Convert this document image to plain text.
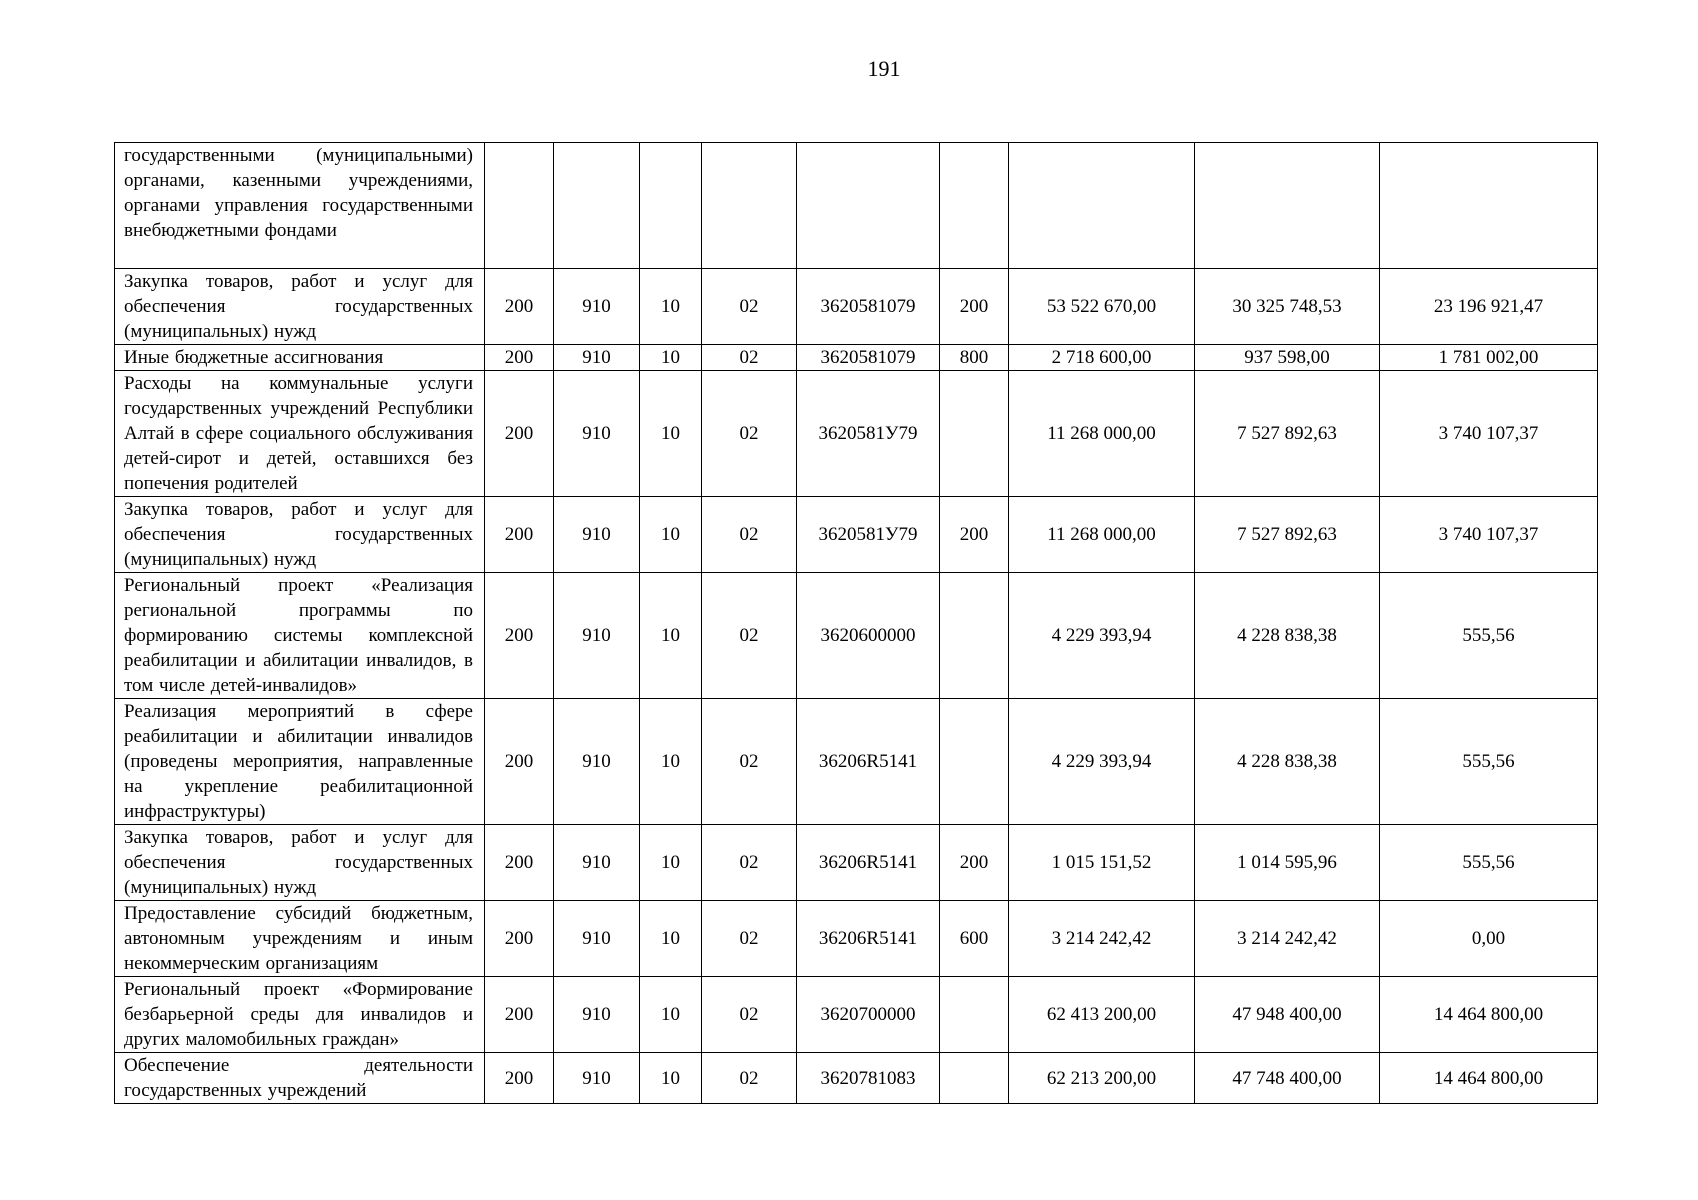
191
государственными (муниципальными) органами, казенными учреждениями, органами управления государственными внебюджетными фондами									
Закупка товаров, работ и услуг для обеспечения государственных (муниципальных) нужд	200	910	10	02	3620581079	200	53 522 670,00	30 325 748,53	23 196 921,47
Иные бюджетные ассигнования	200	910	10	02	3620581079	800	2 718 600,00	937 598,00	1 781 002,00
Расходы на коммунальные услуги государственных учреждений Республики Алтай в сфере социального обслуживания детей-сирот и детей, оставшихся без попечения родителей	200	910	10	02	3620581У79		11 268 000,00	7 527 892,63	3 740 107,37
Закупка товаров, работ и услуг для обеспечения государственных (муниципальных) нужд	200	910	10	02	3620581У79	200	11 268 000,00	7 527 892,63	3 740 107,37
Региональный проект «Реализация региональной программы по формированию системы комплексной реабилитации и абилитации инвалидов, в том числе детей-инвалидов»	200	910	10	02	3620600000		4 229 393,94	4 228 838,38	555,56
Реализация мероприятий в сфере реабилитации и абилитации инвалидов (проведены мероприятия, направленные на укрепление реабилитационной инфраструктуры)	200	910	10	02	36206R5141		4 229 393,94	4 228 838,38	555,56
Закупка товаров, работ и услуг для обеспечения государственных (муниципальных) нужд	200	910	10	02	36206R5141	200	1 015 151,52	1 014 595,96	555,56
Предоставление субсидий бюджетным, автономным учреждениям и иным некоммерческим организациям	200	910	10	02	36206R5141	600	3 214 242,42	3 214 242,42	0,00
Региональный проект «Формирование безбарьерной среды для инвалидов и других маломобильных граждан»	200	910	10	02	3620700000		62 413 200,00	47 948 400,00	14 464 800,00
Обеспечение деятельности государственных учреждений	200	910	10	02	3620781083		62 213 200,00	47 748 400,00	14 464 800,00
